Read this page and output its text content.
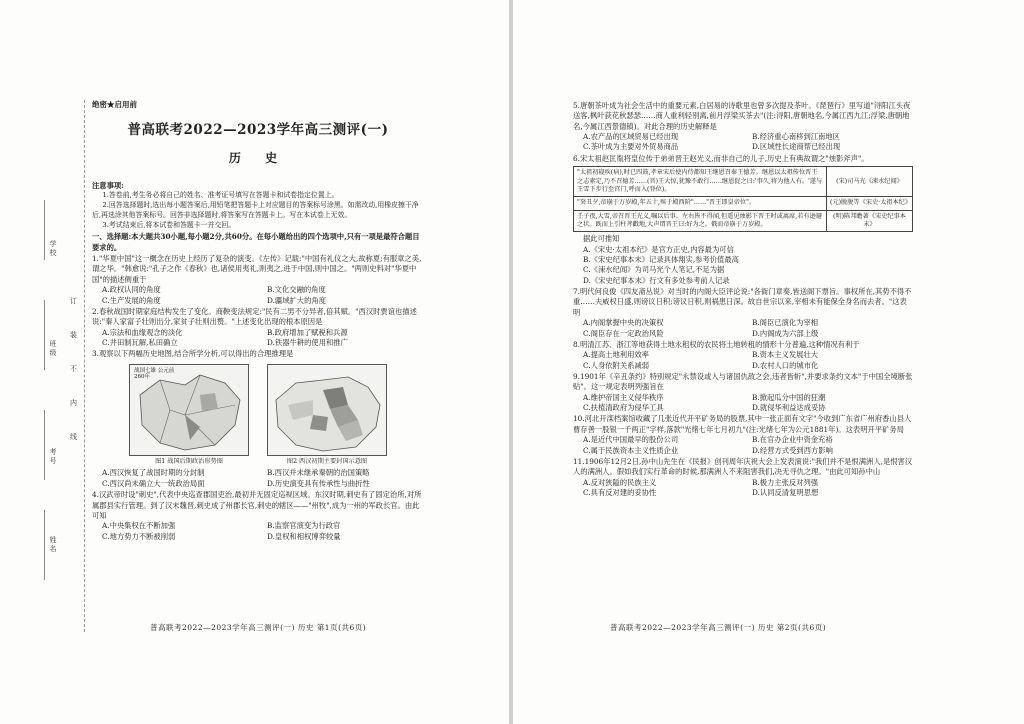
学校
班级
考号
姓名
订
装
不
内
线
绝密★启用前
普高联考2022—2023学年高三测评(一)
历 史
注意事项:
1.答卷前,考生务必将自己的姓名、准考证号填写在答题卡和试卷指定位置上。
2.回答选择题时,选出每小题答案后,用铅笔把答题卡上对应题目的答案标号涂黑。如需改动,用橡皮擦干净后,再选涂其他答案标号。回答非选择题时,将答案写在答题卡上。写在本试卷上无效。
3.考试结束后,将本试卷和答题卡一并交回。
一、选择题:本大题共30小题,每小题2分,共60分。在每小题给出的四个选项中,只有一项是最符合题目要求的。
1."华夏中国"这一概念在历史上经历了复杂的演变。《左传》记载:"中国有礼仪之大,故称夏;有服章之美,谓之华。"韩愈说:"孔子之作《春秋》也,诸侯用夷礼,则夷之,进于中国,则中国之。"两则史料对"华夏中国"的描述侧重于
A.政权认同的角度	B.文化交融的角度
C.生产发展的角度	D.疆域扩大的角度
2.春秋战国时期家庭结构发生了变化。商鞅变法规定:"民有二男不分异者,倍其赋。"西汉时贾谊也描述说:"秦人家富子壮则出分,家贫子壮则出赘。"上述变化出现的根本原因是
A.宗法和血缘观念的淡化	B.政府增加了赋税和兵源
C.井田制瓦解,私田确立	D.铁器牛耕的使用和推广
3.观察以下两幅历史地图,结合所学分析,可以得出的合理推理是
战国七雄 公元前260年
图1 战国后期政治形势图	图2 西汉初期主要封国示意图
A.西汉恢复了战国时期的分封制	B.西汉并未继承秦朝的治国策略
C.西汉尚未确立大一统政治局面	D.历史演变具有传承性与曲折性
4.汉武帝时设"刺史",代表中央巡查郡国吏治,最初并无固定巡视区域。东汉时期,刺史有了固定治所,对所属郡县实行管理。到了汉末魏晋,刺史成了州郡长官,刺史的辖区——"州牧",成为一州的军政长官。由此可知
A.中央集权在不断加强	B.监察官演变为行政官
C.地方势力不断被削弱	D.皇权和相权博弈较量
普高联考2022—2023学年高三测评(一) 历史 第1页(共6页)
5.唐朝茶叶成为社会生活中的重要元素,白居易的诗歌里也曾多次提及茶叶。《琵琶行》里写道"浔阳江头夜送客,枫叶荻花秋瑟瑟……商人重利轻别离,前月浮梁买茶去"(注:浔阳,唐朝地名,今属江西九江;浮梁,唐朝地名,今属江西景德镇)。对此合理的历史解释是
A.农产品的区域贸易已经出现	B.经济重心南移到江南地区
C.茶叶成为主要对外贸易商品	D.区域性长途商帮已经出现
6.宋太祖赵匡胤将皇位传于弟弟晋王赵光义,而非自己的儿子,历史上有典故谓之"烛影斧声"。
"太祖初寝疾(病),时已四鼓,孝章宋后使内侍都知王继恩召秦王德芳。继恩以太祖传位晋王之志素定,乃不召德芳……(晋)王大惊,犹豫不敢行……继恩促之曰:'事久,将为他人有。'遂与王雪下步行至宫门,呼而入(登位)。	(宋)司马光《涑水纪闻》
"癸丑夕,帝崩于万岁殿,年五十,殡于殿西阶"……"晋王即皇帝位"。	(元)脱脱等《宋史·太祖本纪》
壬子夜,大雪,帝召晋王光义,嘱以后事。左右皆不得闻,但遥见烛影下晋王时或离席,若有逊避之状。既而上引柱斧戳地,大声谓晋王曰:好为之。俄而帝崩于万岁殿。	(明)陈邦瞻著《宋史纪事本末》
据此可推知
A.《宋史·太祖本纪》是官方正史,内容最为可信
B.《宋史纪事本末》记录具体翔实,参考价值最高
C.《涑水纪闻》为司马光个人笔记,不足为据
D.《宋史纪事本末》行文有多处参考前人记录
7.明代何良俊《四友斋丛说》对当时的内阁大臣评论说:"各衙门章奏,皆送阁下票旨。事权所在,其势不得不重……夫威权日盛,则谤议日积;谤议日积,则祸患日深。故自世宗以来,宰相未有能保全身名而去者。"这表明
A.内阁掌握中央的决策权	B.阁臣已演化为宰相
C.阁臣存在一定政治风险	D.内阁成为六部上级
8.明清江苏、浙江等地获得土地永租权的农民将土地转租的情形十分普遍,这种情况有利于
A.提高土地利用效率	B.资本主义发展壮大
C.人身依附关系减弱	D.农村人口的城市化
9.1901年《辛丑条约》特别规定"永禁设或入与诸国仇敌之会,违者皆斩",并要求条约文本"于中国全境断张贴"。这一规定表明列强旨在
A.维护帝国主义侵华秩序	B.掀起瓜分中国的狂潮
C.扶植清政府为侵华工具	D.就侵华利益达成妥协
10.河北开滦档案馆收藏了几张近代开平矿务局的股票,其中一张正面有文字"今收到广东省广州府香山县人曹存善一股银一千两正"字样,落款"光绪七年七月初九"(注:光绪七年为公元1881年)。这表明开平矿务局
A.是近代中国最早的股份公司	B.在官办企业中资金充裕
C.属于民族资本主义性质企业	D.经营方式受到西方影响
11.1906年12月2日,孙中山先生在《民报》创刊周年庆祝大会上发表演说:"我们并不是恨满洲人,是恨害汉人的满洲人。假如我们实行革命的时候,那满洲人不来阻害我们,决无寻仇之理。"由此可知孙中山
A.反对狭隘的民族主义	B.极力主张反对列强
C.具有反对建的妥协性	D.认同反清复明思想
普高联考2022—2023学年高三测评(一) 历史 第2页(共6页)
